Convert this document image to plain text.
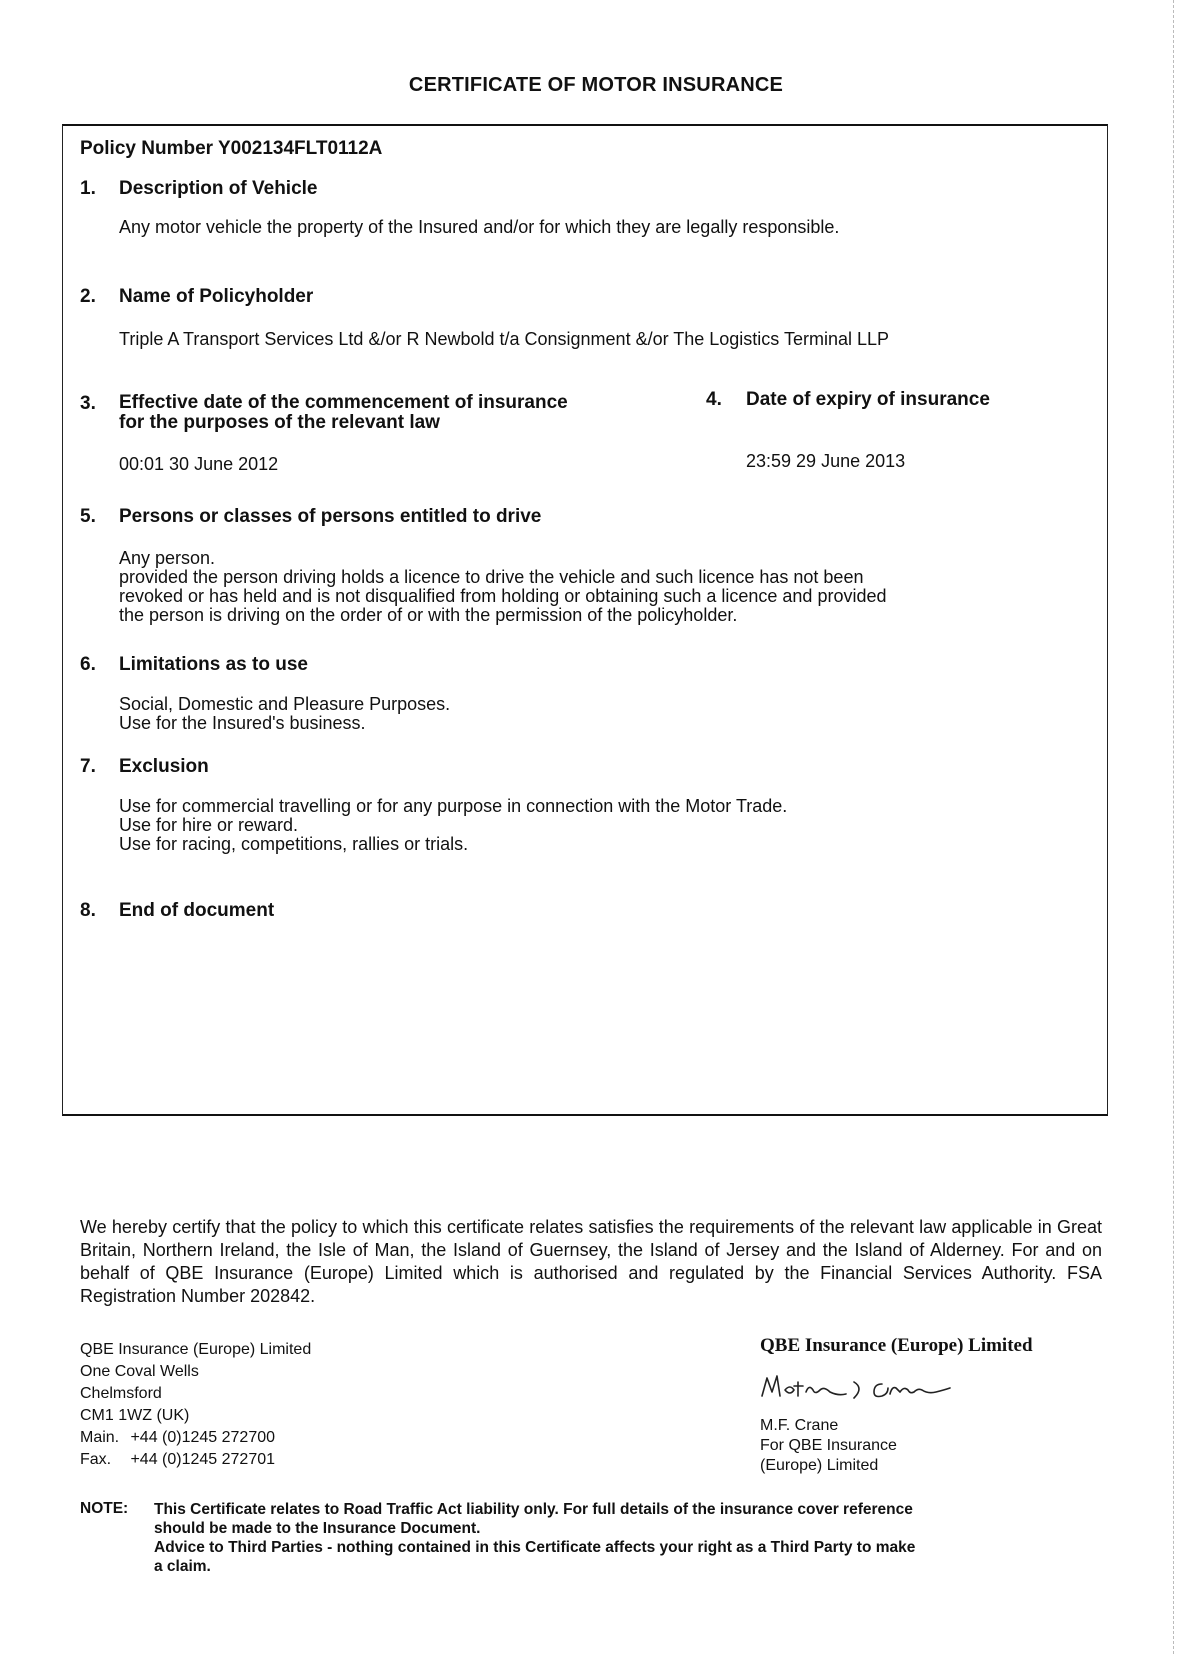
CERTIFICATE OF MOTOR INSURANCE
Policy Number Y002134FLT0112A
1. Description of Vehicle
Any motor vehicle the property of the Insured and/or for which they are legally responsible.
2. Name of Policyholder
Triple A Transport Services Ltd &/or R Newbold t/a Consignment &/or The Logistics Terminal LLP
3. Effective date of the commencement of insurance
for the purposes of the relevant law
00:01 30 June 2012
4. Date of expiry of insurance
23:59 29 June 2013
5. Persons or classes of persons entitled to drive
Any person.
provided the person driving holds a licence to drive the vehicle and such licence has not been
revoked or has held and is not disqualified from holding or obtaining such a licence and provided
the person is driving on the order of or with the permission of the policyholder.
6. Limitations as to use
Social, Domestic and Pleasure Purposes.
Use for the Insured's business.
7. Exclusion
Use for commercial travelling or for any purpose in connection with the Motor Trade.
Use for hire or reward.
Use for racing, competitions, rallies or trials.
8. End of document
We hereby certify that the policy to which this certificate relates satisfies the requirements of the relevant law applicable in Great Britain, Northern Ireland, the Isle of Man, the Island of Guernsey, the Island of Jersey and the Island of Alderney. For and on behalf of QBE Insurance (Europe) Limited which is authorised and regulated by the Financial Services Authority. FSA Registration Number 202842.
QBE Insurance (Europe) Limited
One Coval Wells
Chelmsford
CM1 1WZ (UK)
Main. +44 (0)1245 272700
Fax. +44 (0)1245 272701
QBE Insurance (Europe) Limited
M.F. Crane
For QBE Insurance
(Europe) Limited
NOTE: This Certificate relates to Road Traffic Act liability only. For full details of the insurance cover reference
should be made to the Insurance Document.
Advice to Third Parties - nothing contained in this Certificate affects your right as a Third Party to make
a claim.
